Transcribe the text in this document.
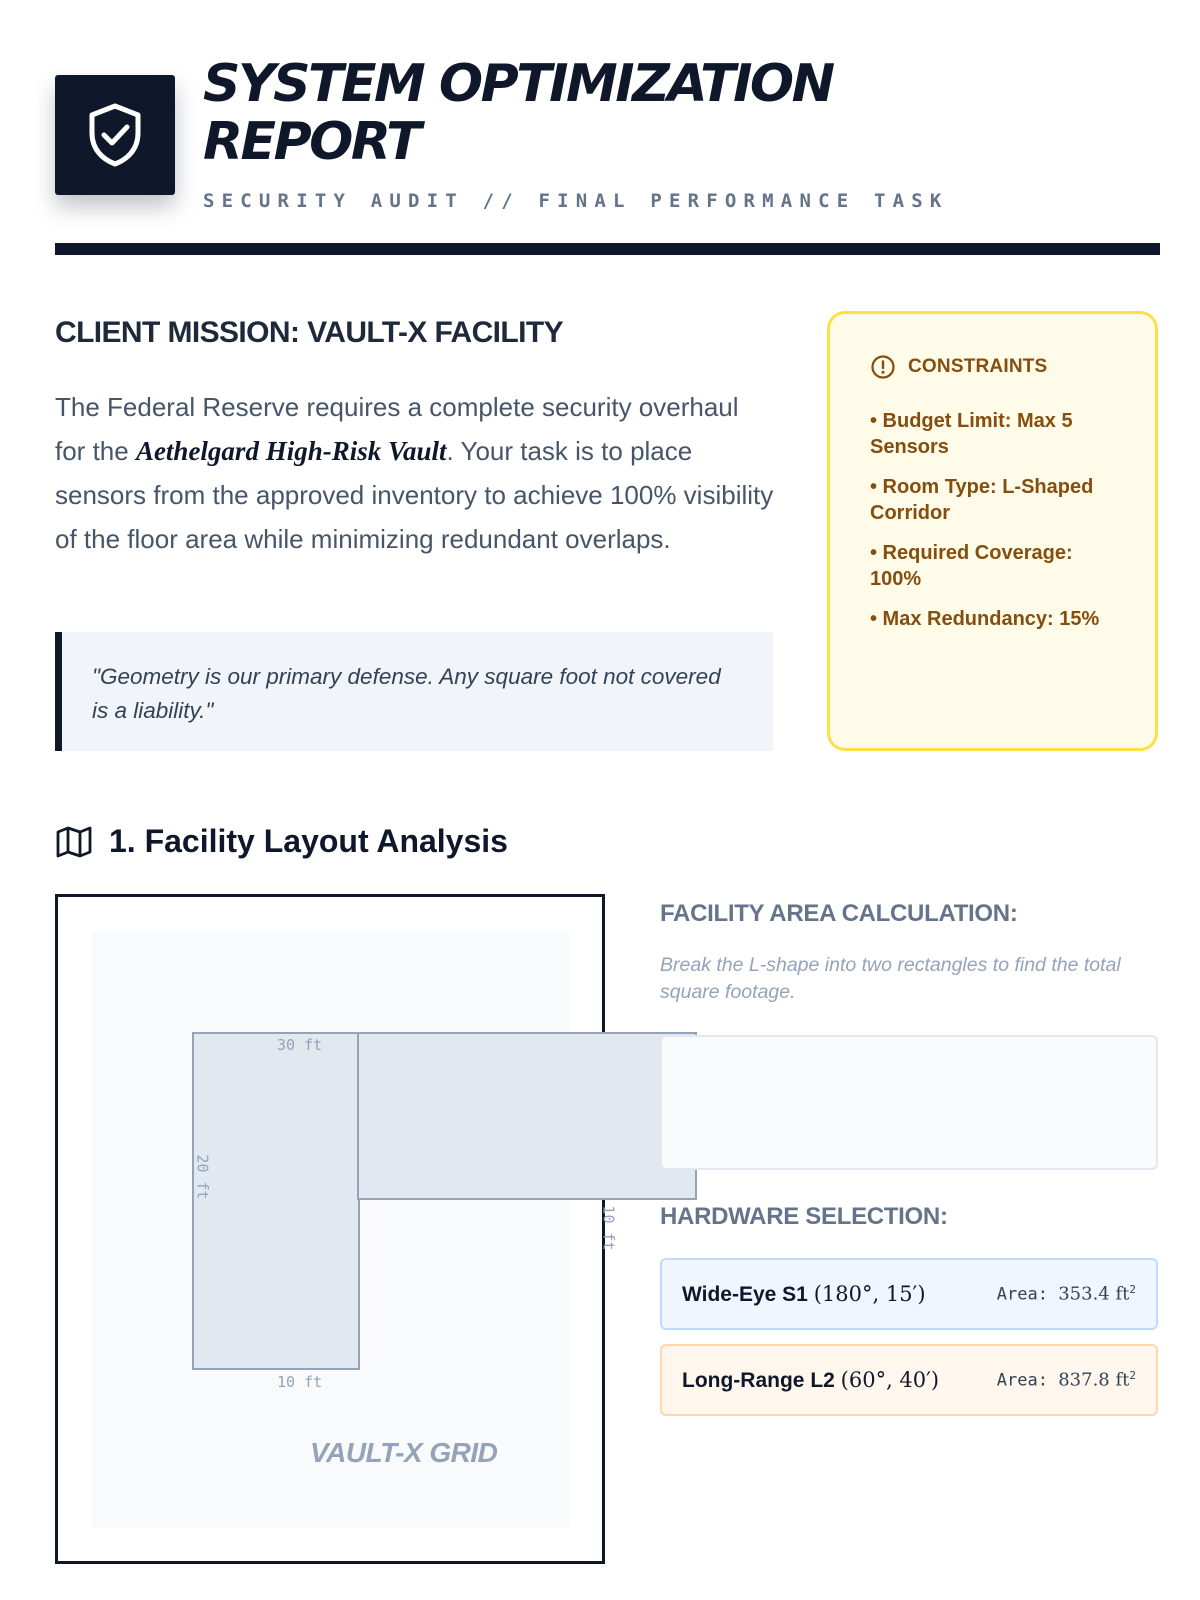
SYSTEM OPTIMIZATION REPORT
SECURITY AUDIT // FINAL PERFORMANCE TASK
CLIENT MISSION: VAULT-X FACILITY

The Federal Reserve requires a complete security overhaul for the Aethelgard High-Risk Vault. Your task is to place sensors from the approved inventory to achieve 100% visibility of the floor area while minimizing redundant overlaps.

"Geometry is our primary defense. Any square foot not covered is a liability."
CONSTRAINTS
• Budget Limit: Max 5 Sensors
• Room Type: L-Shaped Corridor
• Required Coverage: 100%
• Max Redundancy: 15%
1. Facility Layout Analysis
30 ft
20 ft
10 ft
10 ft
VAULT-X GRID
FACILITY AREA CALCULATION:
Break the L-shape into two rectangles to find the total square footage.
HARDWARE SELECTION:
Wide-Eye S1 (180°, 15′)	Area: 353.4 $ft^2$
Long-Range L2 (60°, 40′)	Area: 837.8 $ft^2$
